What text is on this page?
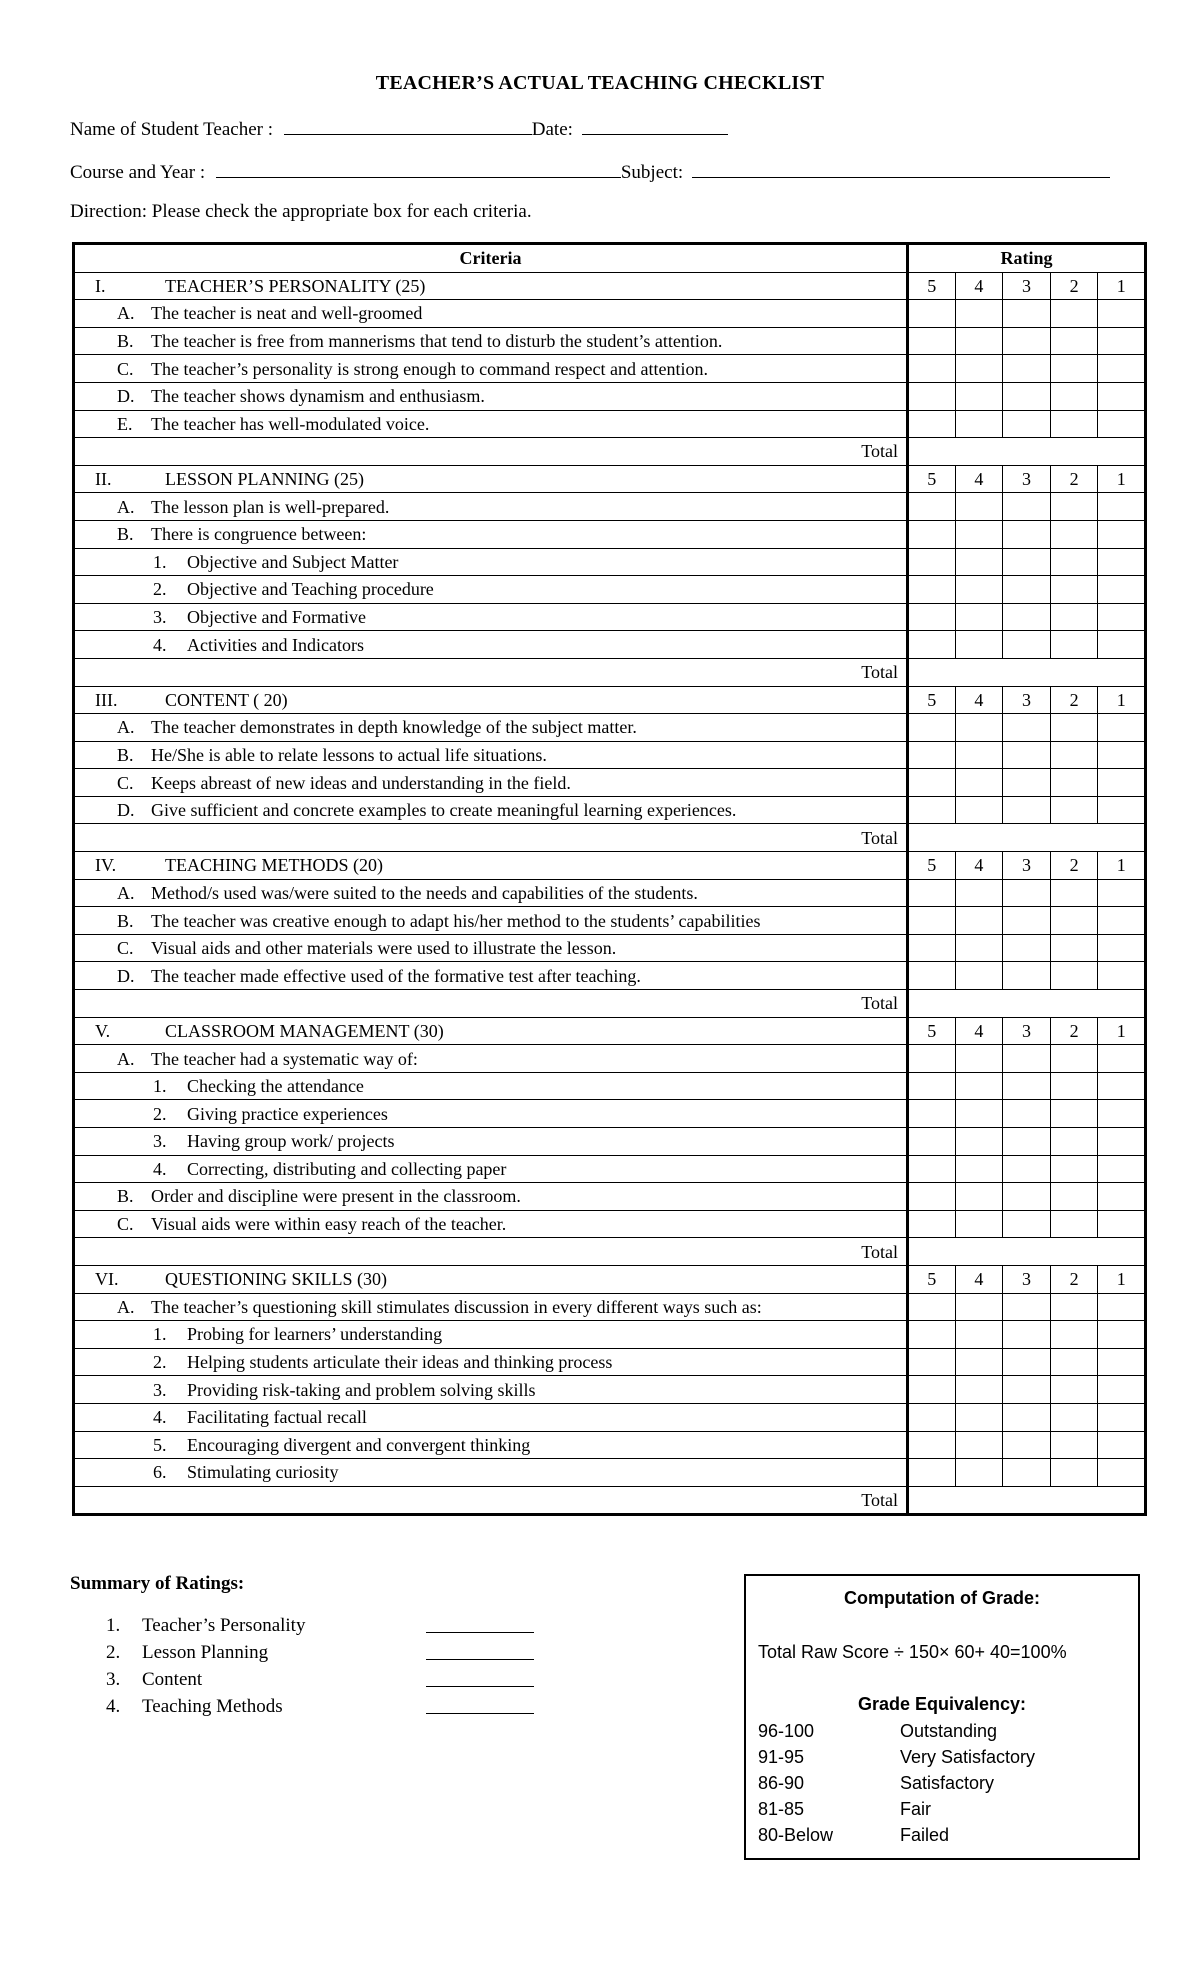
TEACHER’S ACTUAL TEACHING CHECKLIST
Name of Student Teacher :	Date:
Course and Year :	Subject:
Direction: Please check the appropriate box for each criteria.
Criteria	Rating				
I. TEACHER’S PERSONALITY (25)	5	4	3	2	1
A. The teacher is neat and well-groomed					
B. The teacher is free from mannerisms that tend to disturb the student’s attention.					
C. The teacher’s personality is strong enough to command respect and attention.					
D. The teacher shows dynamism and enthusiasm.					
E. The teacher has well-modulated voice.					
Total					
II. LESSON PLANNING (25)	5	4	3	2	1
A. The lesson plan is well-prepared.					
B. There is congruence between:					
1. Objective and Subject Matter					
2. Objective and Teaching procedure					
3. Objective and Formative					
4. Activities and Indicators					
Total					
III. CONTENT ( 20)	5	4	3	2	1
A. The teacher demonstrates in depth knowledge of the subject matter.					
B. He/She is able to relate lessons to actual life situations.					
C. Keeps abreast of new ideas and understanding in the field.					
D. Give sufficient and concrete examples to create meaningful learning experiences.					
Total					
IV. TEACHING METHODS (20)	5	4	3	2	1
A. Method/s used was/were suited to the needs and capabilities of the students.					
B. The teacher was creative enough to adapt his/her method to the students’ capabilities					
C. Visual aids and other materials were used to illustrate the lesson.					
D. The teacher made effective used of the formative test after teaching.					
Total					
V. CLASSROOM MANAGEMENT (30)	5	4	3	2	1
A. The teacher had a systematic way of:					
1. Checking the attendance					
2. Giving practice experiences					
3. Having group work/ projects					
4. Correcting, distributing and collecting paper					
B. Order and discipline were present in the classroom.					
C. Visual aids were within easy reach of the teacher.					
Total					
VI. QUESTIONING SKILLS (30)	5	4	3	2	1
A. The teacher’s questioning skill stimulates discussion in every different ways such as:					
1. Probing for learners’ understanding					
2. Helping students articulate their ideas and thinking process					
3. Providing risk-taking and problem solving skills					
4. Facilitating factual recall					
5. Encouraging divergent and convergent thinking					
6. Stimulating curiosity					
Total					
Summary of Ratings:
1. Teacher’s Personality
2. Lesson Planning
3. Content
4. Teaching Methods
Computation of Grade:
Total Raw Score ÷ 150× 60+ 40=100%
Grade Equivalency:
96-100	Outstanding
91-95	Very Satisfactory
86-90	Satisfactory
81-85	Fair
80-Below	Failed
